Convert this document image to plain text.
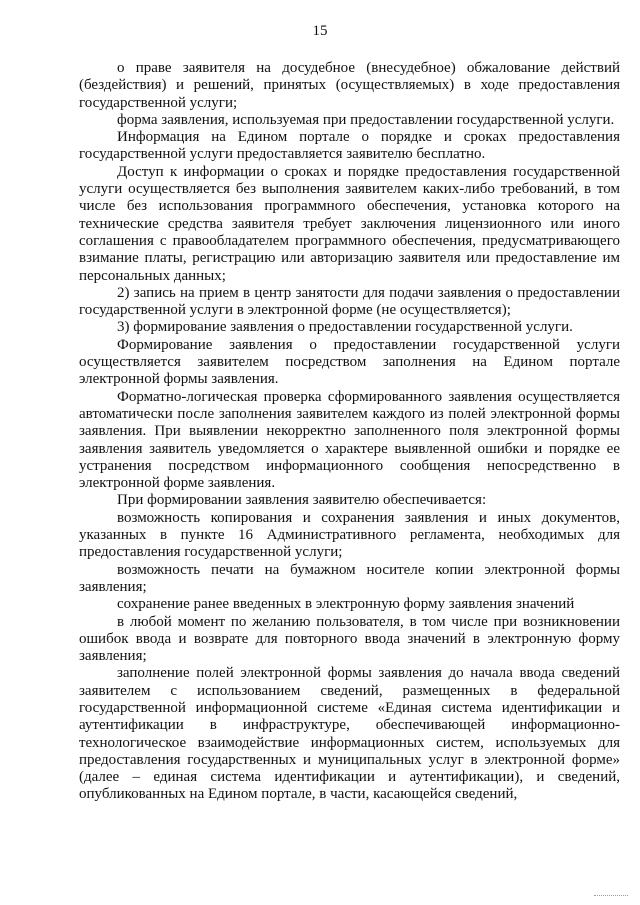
15

о праве заявителя на досудебное (внесудебное) обжалование действий (бездействия) и решений, принятых (осуществляемых) в ходе предоставления государственной услуги;

форма заявления, используемая при предоставлении государственной услуги.

Информация на Едином портале о порядке и сроках предоставления государственной услуги предоставляется заявителю бесплатно.

Доступ к информации о сроках и порядке предоставления государственной услуги осуществляется без выполнения заявителем каких-либо требований, в том числе без использования программного обеспечения, установка которого на технические средства заявителя требует заключения лицензионного или иного соглашения с правообладателем программного обеспечения, предусматривающего взимание платы, регистрацию или авторизацию заявителя или предоставление им персональных данных;

2) запись на прием в центр занятости для подачи заявления о предоставлении государственной услуги в электронной форме (не осуществляется);

3) формирование заявления о предоставлении государственной услуги.

Формирование заявления о предоставлении государственной услуги осуществляется заявителем посредством заполнения на Едином портале электронной формы заявления.

Форматно-логическая проверка сформированного заявления осуществляется автоматически после заполнения заявителем каждого из полей электронной формы заявления. При выявлении некорректно заполненного поля электронной формы заявления заявитель уведомляется о характере выявленной ошибки и порядке ее устранения посредством информационного сообщения непосредственно в электронной форме заявления.

При формировании заявления заявителю обеспечивается:

возможность копирования и сохранения заявления и иных документов, указанных в пункте 16 Административного регламента, необходимых для предоставления государственной услуги;

возможность печати на бумажном носителе копии электронной формы заявления;

сохранение ранее введенных в электронную форму заявления значений

в любой момент по желанию пользователя, в том числе при возникновении ошибок ввода и возврате для повторного ввода значений в электронную форму заявления;

заполнение полей электронной формы заявления до начала ввода сведений заявителем с использованием сведений, размещенных в федеральной государственной информационной системе «Единая система идентификации и аутентификации в инфраструктуре, обеспечивающей информационно-технологическое взаимодействие информационных систем, используемых для предоставления государственных и муниципальных услуг в электронной форме» (далее – единая система идентификации и аутентификации), и сведений, опубликованных на Едином портале, в части, касающейся сведений,
